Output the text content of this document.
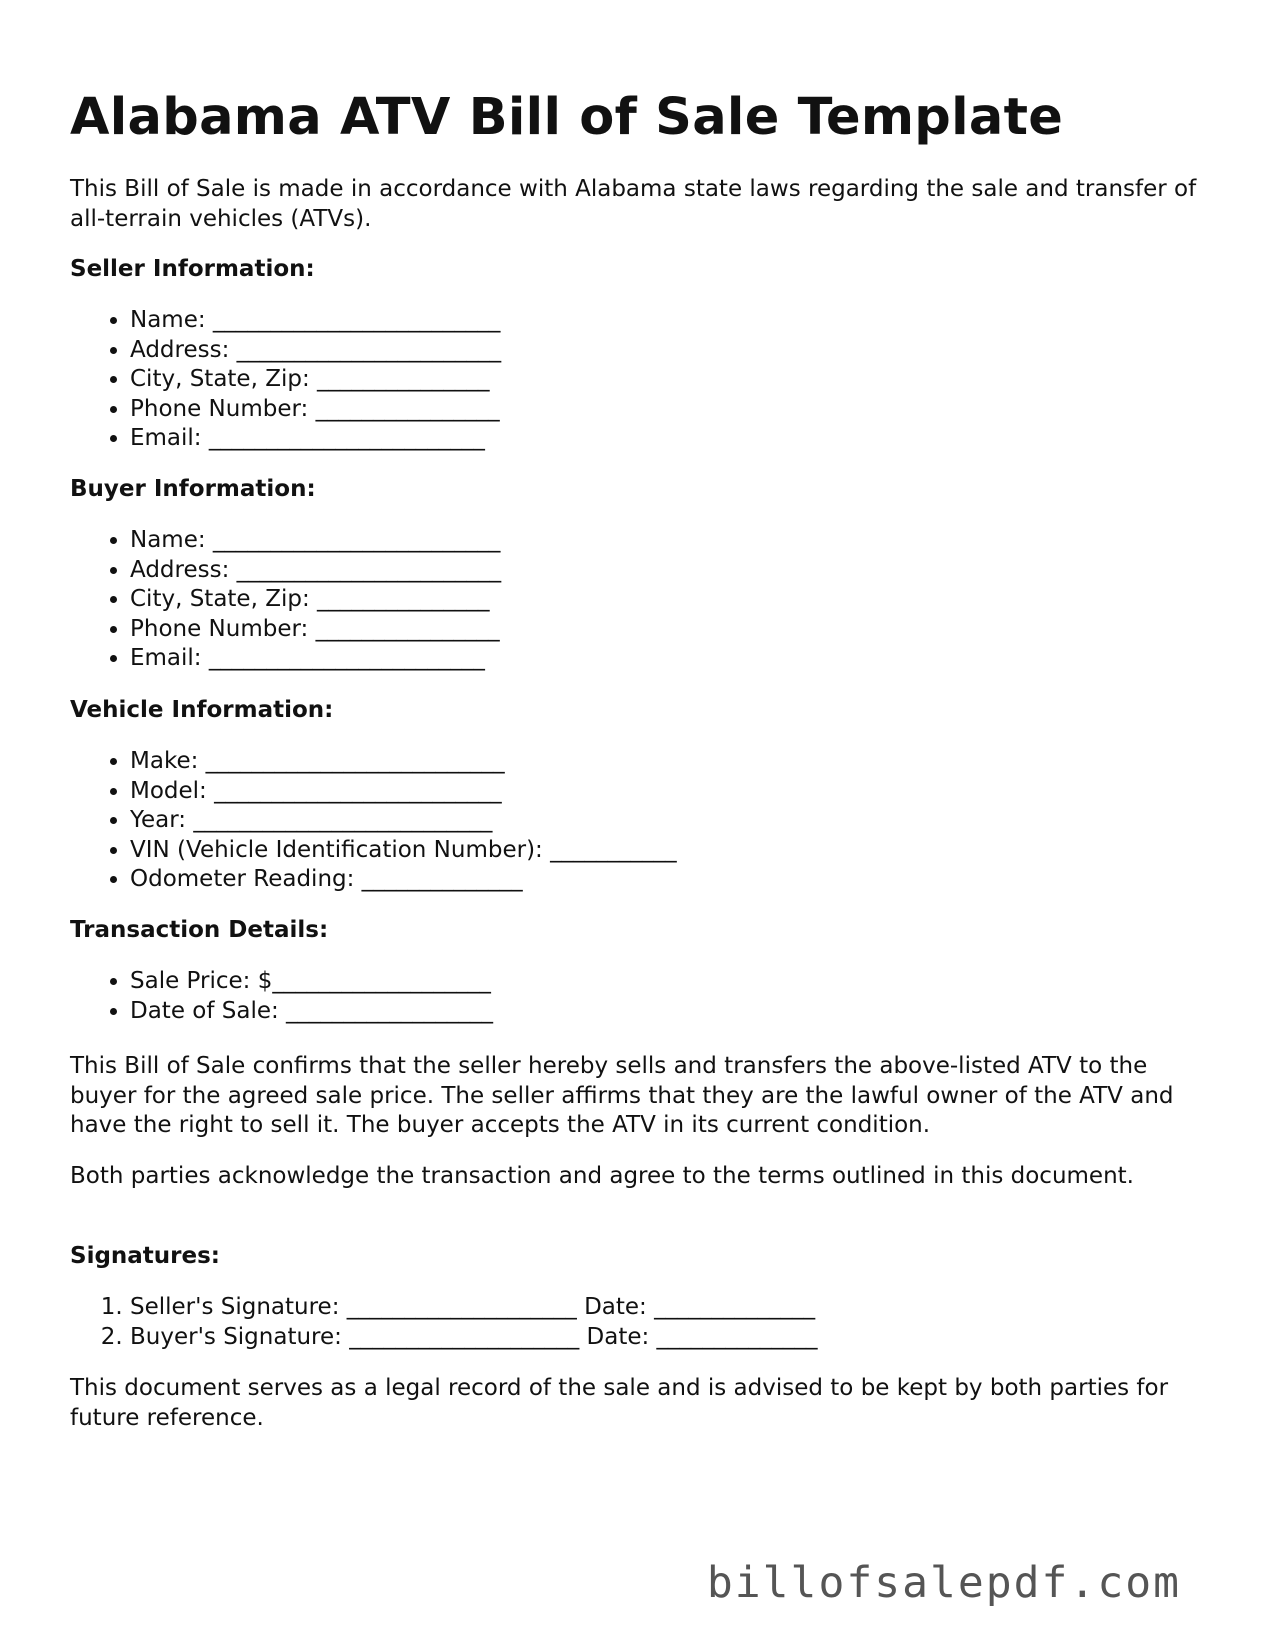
Alabama ATV Bill of Sale Template

This Bill of Sale is made in accordance with Alabama state laws regarding the sale and transfer of all-terrain vehicles (ATVs).

Seller Information:
• Name: _________________________
• Address: _______________________
• City, State, Zip: _______________
• Phone Number: ________________
• Email: ________________________
Buyer Information:
• Name: _________________________
• Address: _______________________
• City, State, Zip: _______________
• Phone Number: ________________
• Email: ________________________
Vehicle Information:
• Make: __________________________
• Model: _________________________
• Year: __________________________
• VIN (Vehicle Identification Number): ___________
• Odometer Reading: ______________
Transaction Details:
• Sale Price: $___________________
• Date of Sale: __________________

This Bill of Sale confirms that the seller hereby sells and transfers the above-listed ATV to the buyer for the agreed sale price. The seller affirms that they are the lawful owner of the ATV and have the right to sell it. The buyer accepts the ATV in its current condition.

Both parties acknowledge the transaction and agree to the terms outlined in this document.

Signatures:
1. Seller's Signature: ____________________ Date: ______________
2. Buyer's Signature: ____________________ Date: ______________

This document serves as a legal record of the sale and is advised to be kept by both parties for future reference.

billofsalepdf.com
